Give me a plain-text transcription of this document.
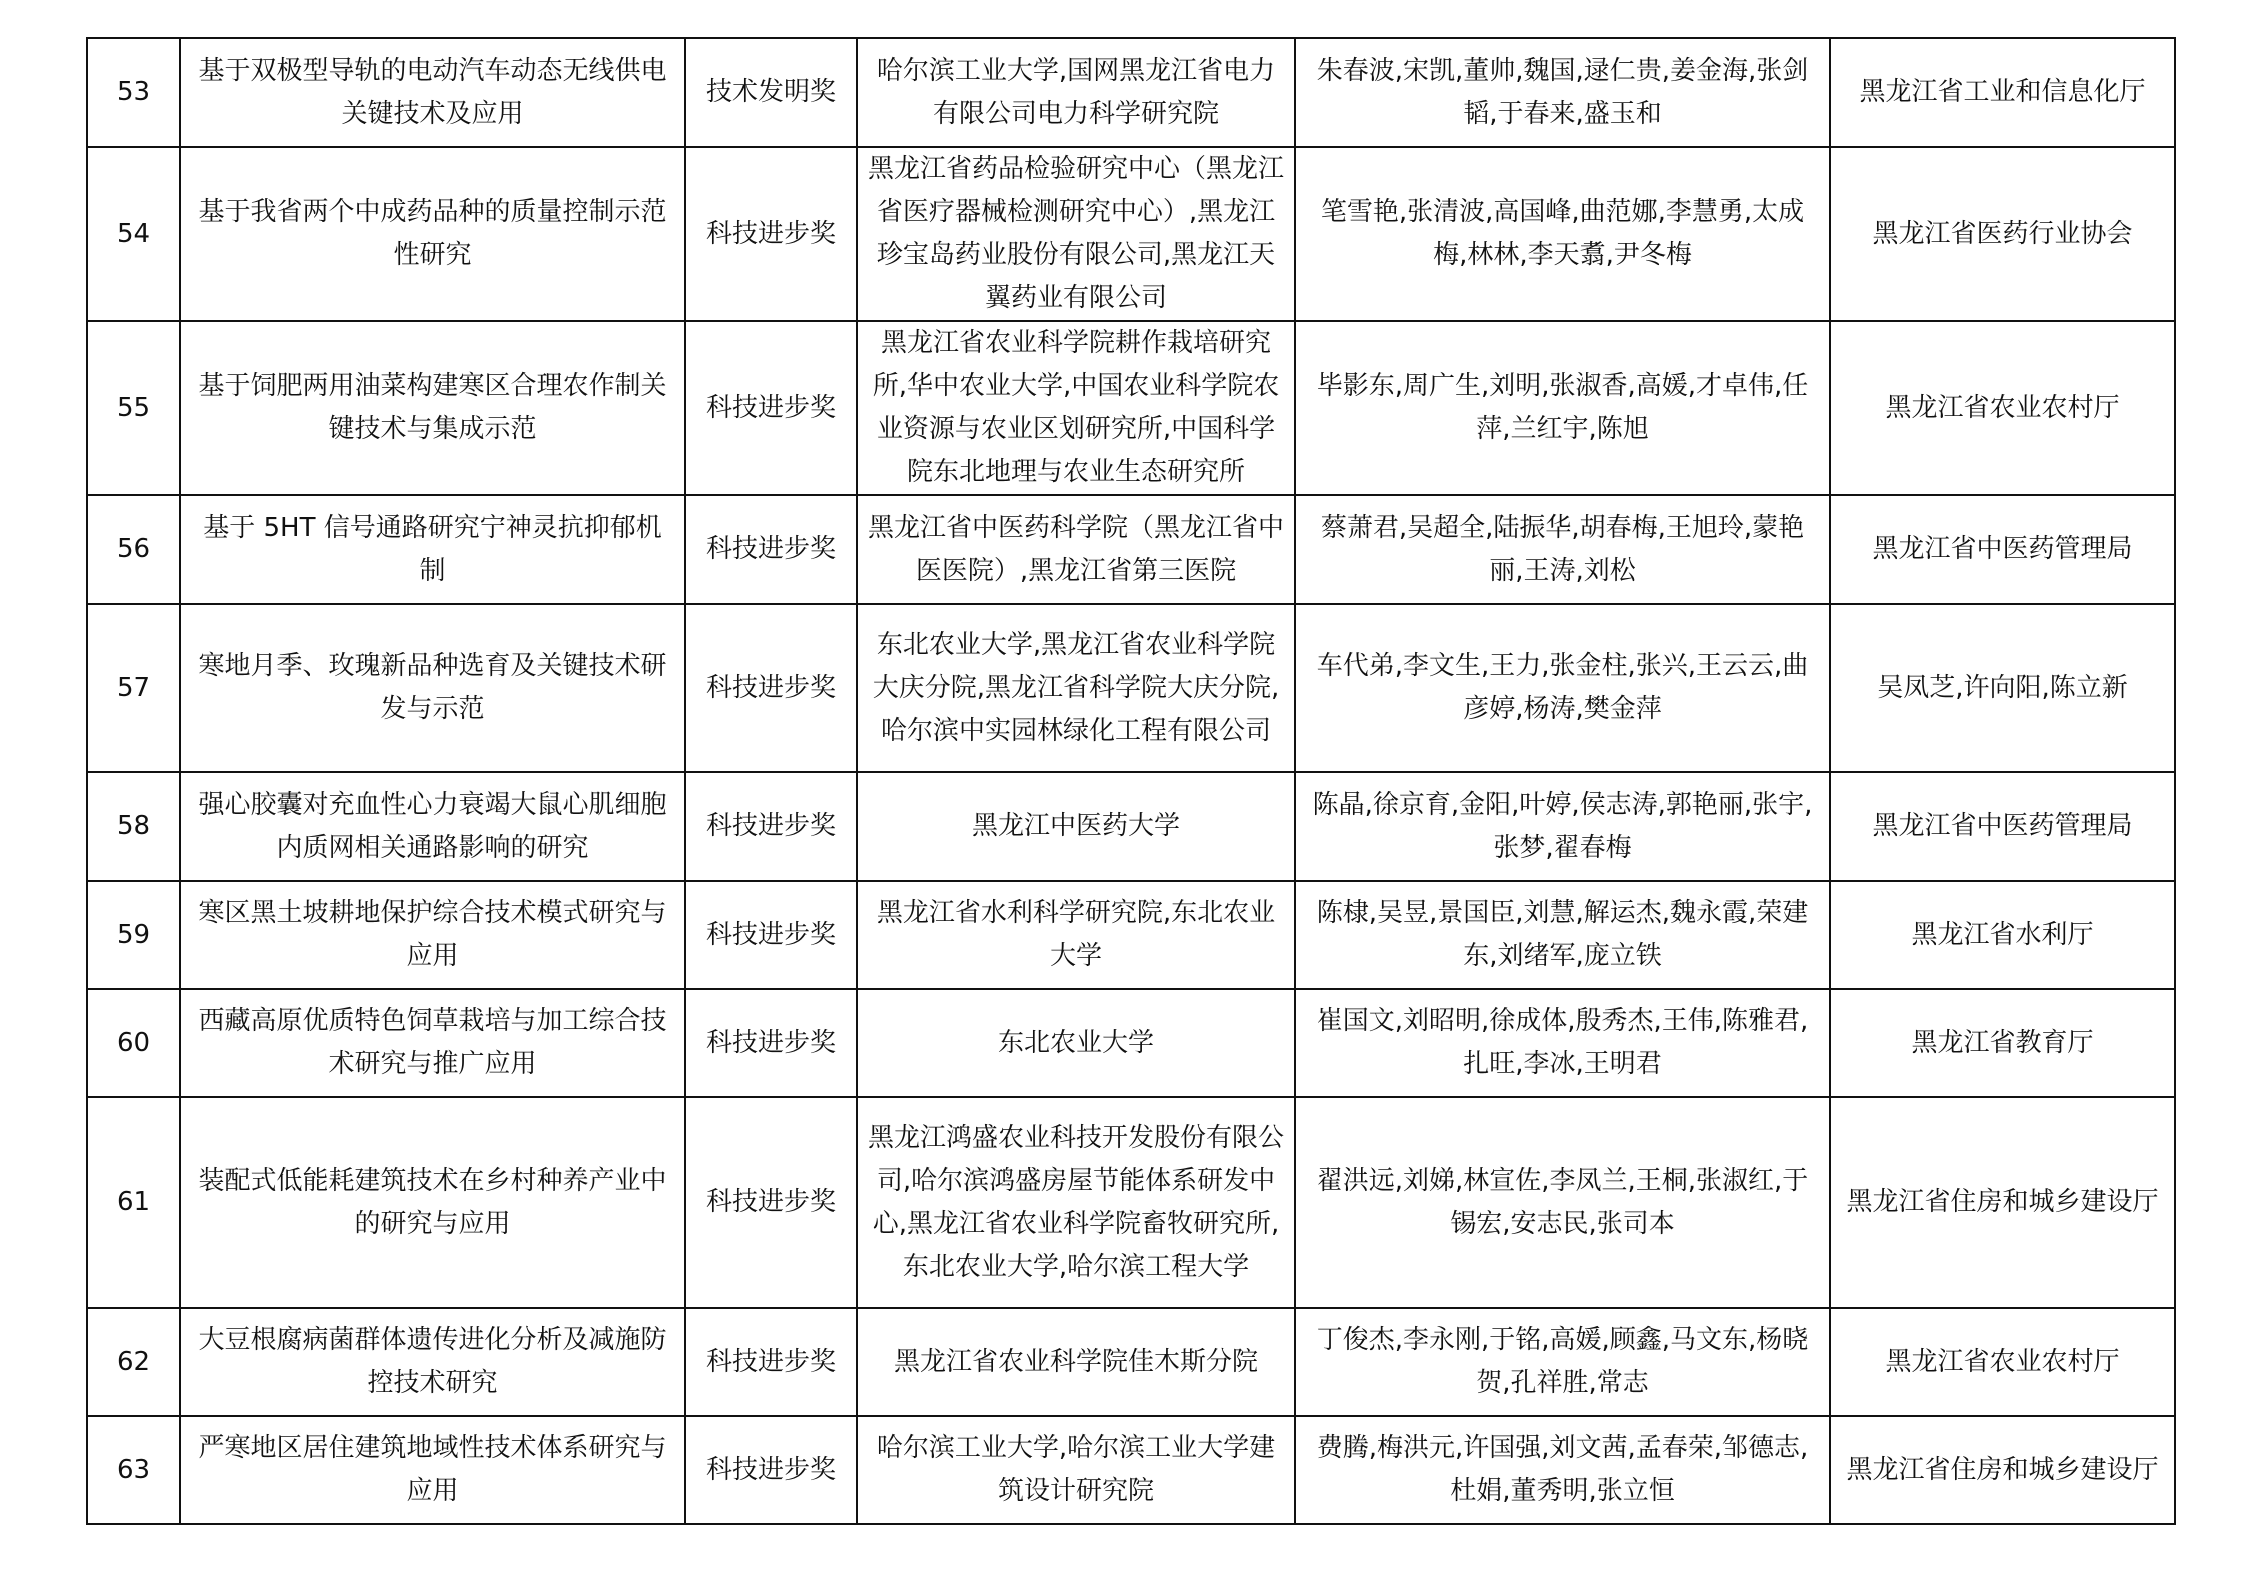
53	基于双极型导轨的电动汽车动态无线供电关键技术及应用	技术发明奖	哈尔滨工业大学,国网黑龙江省电力有限公司电力科学研究院	朱春波,宋凯,董帅,魏国,逯仁贵,姜金海,张剑韬,于春来,盛玉和	黑龙江省工业和信息化厅
54	基于我省两个中成药品种的质量控制示范性研究	科技进步奖	黑龙江省药品检验研究中心（黑龙江省医疗器械检测研究中心）,黑龙江珍宝岛药业股份有限公司,黑龙江天翼药业有限公司	笔雪艳,张清波,高国峰,曲范娜,李慧勇,太成梅,林林,李天翥,尹冬梅	黑龙江省医药行业协会
55	基于饲肥两用油菜构建寒区合理农作制关键技术与集成示范	科技进步奖	黑龙江省农业科学院耕作栽培研究所,华中农业大学,中国农业科学院农业资源与农业区划研究所,中国科学院东北地理与农业生态研究所	毕影东,周广生,刘明,张淑香,高媛,才卓伟,任萍,兰红宇,陈旭	黑龙江省农业农村厅
56	基于 5HT 信号通路研究宁神灵抗抑郁机制	科技进步奖	黑龙江省中医药科学院（黑龙江省中医医院）,黑龙江省第三医院	蔡萧君,吴超全,陆振华,胡春梅,王旭玲,蒙艳丽,王涛,刘松	黑龙江省中医药管理局
57	寒地月季、玫瑰新品种选育及关键技术研发与示范	科技进步奖	东北农业大学,黑龙江省农业科学院大庆分院,黑龙江省科学院大庆分院,哈尔滨中实园林绿化工程有限公司	车代弟,李文生,王力,张金柱,张兴,王云云,曲彦婷,杨涛,樊金萍	吴凤芝,许向阳,陈立新
58	强心胶囊对充血性心力衰竭大鼠心肌细胞内质网相关通路影响的研究	科技进步奖	黑龙江中医药大学	陈晶,徐京育,金阳,叶婷,侯志涛,郭艳丽,张宇,张梦,翟春梅	黑龙江省中医药管理局
59	寒区黑土坡耕地保护综合技术模式研究与应用	科技进步奖	黑龙江省水利科学研究院,东北农业大学	陈棣,吴昱,景国臣,刘慧,解运杰,魏永霞,荣建东,刘绪军,庞立铁	黑龙江省水利厅
60	西藏高原优质特色饲草栽培与加工综合技术研究与推广应用	科技进步奖	东北农业大学	崔国文,刘昭明,徐成体,殷秀杰,王伟,陈雅君,扎旺,李冰,王明君	黑龙江省教育厅
61	装配式低能耗建筑技术在乡村种养产业中的研究与应用	科技进步奖	黑龙江鸿盛农业科技开发股份有限公司,哈尔滨鸿盛房屋节能体系研发中心,黑龙江省农业科学院畜牧研究所,东北农业大学,哈尔滨工程大学	翟洪远,刘娣,林宣佐,李凤兰,王桐,张淑红,于锡宏,安志民,张司本	黑龙江省住房和城乡建设厅
62	大豆根腐病菌群体遗传进化分析及减施防控技术研究	科技进步奖	黑龙江省农业科学院佳木斯分院	丁俊杰,李永刚,于铭,高媛,顾鑫,马文东,杨晓贺,孔祥胜,常志	黑龙江省农业农村厅
63	严寒地区居住建筑地域性技术体系研究与应用	科技进步奖	哈尔滨工业大学,哈尔滨工业大学建筑设计研究院	费腾,梅洪元,许国强,刘文茜,孟春荣,邹德志,杜娟,董秀明,张立恒	黑龙江省住房和城乡建设厅
